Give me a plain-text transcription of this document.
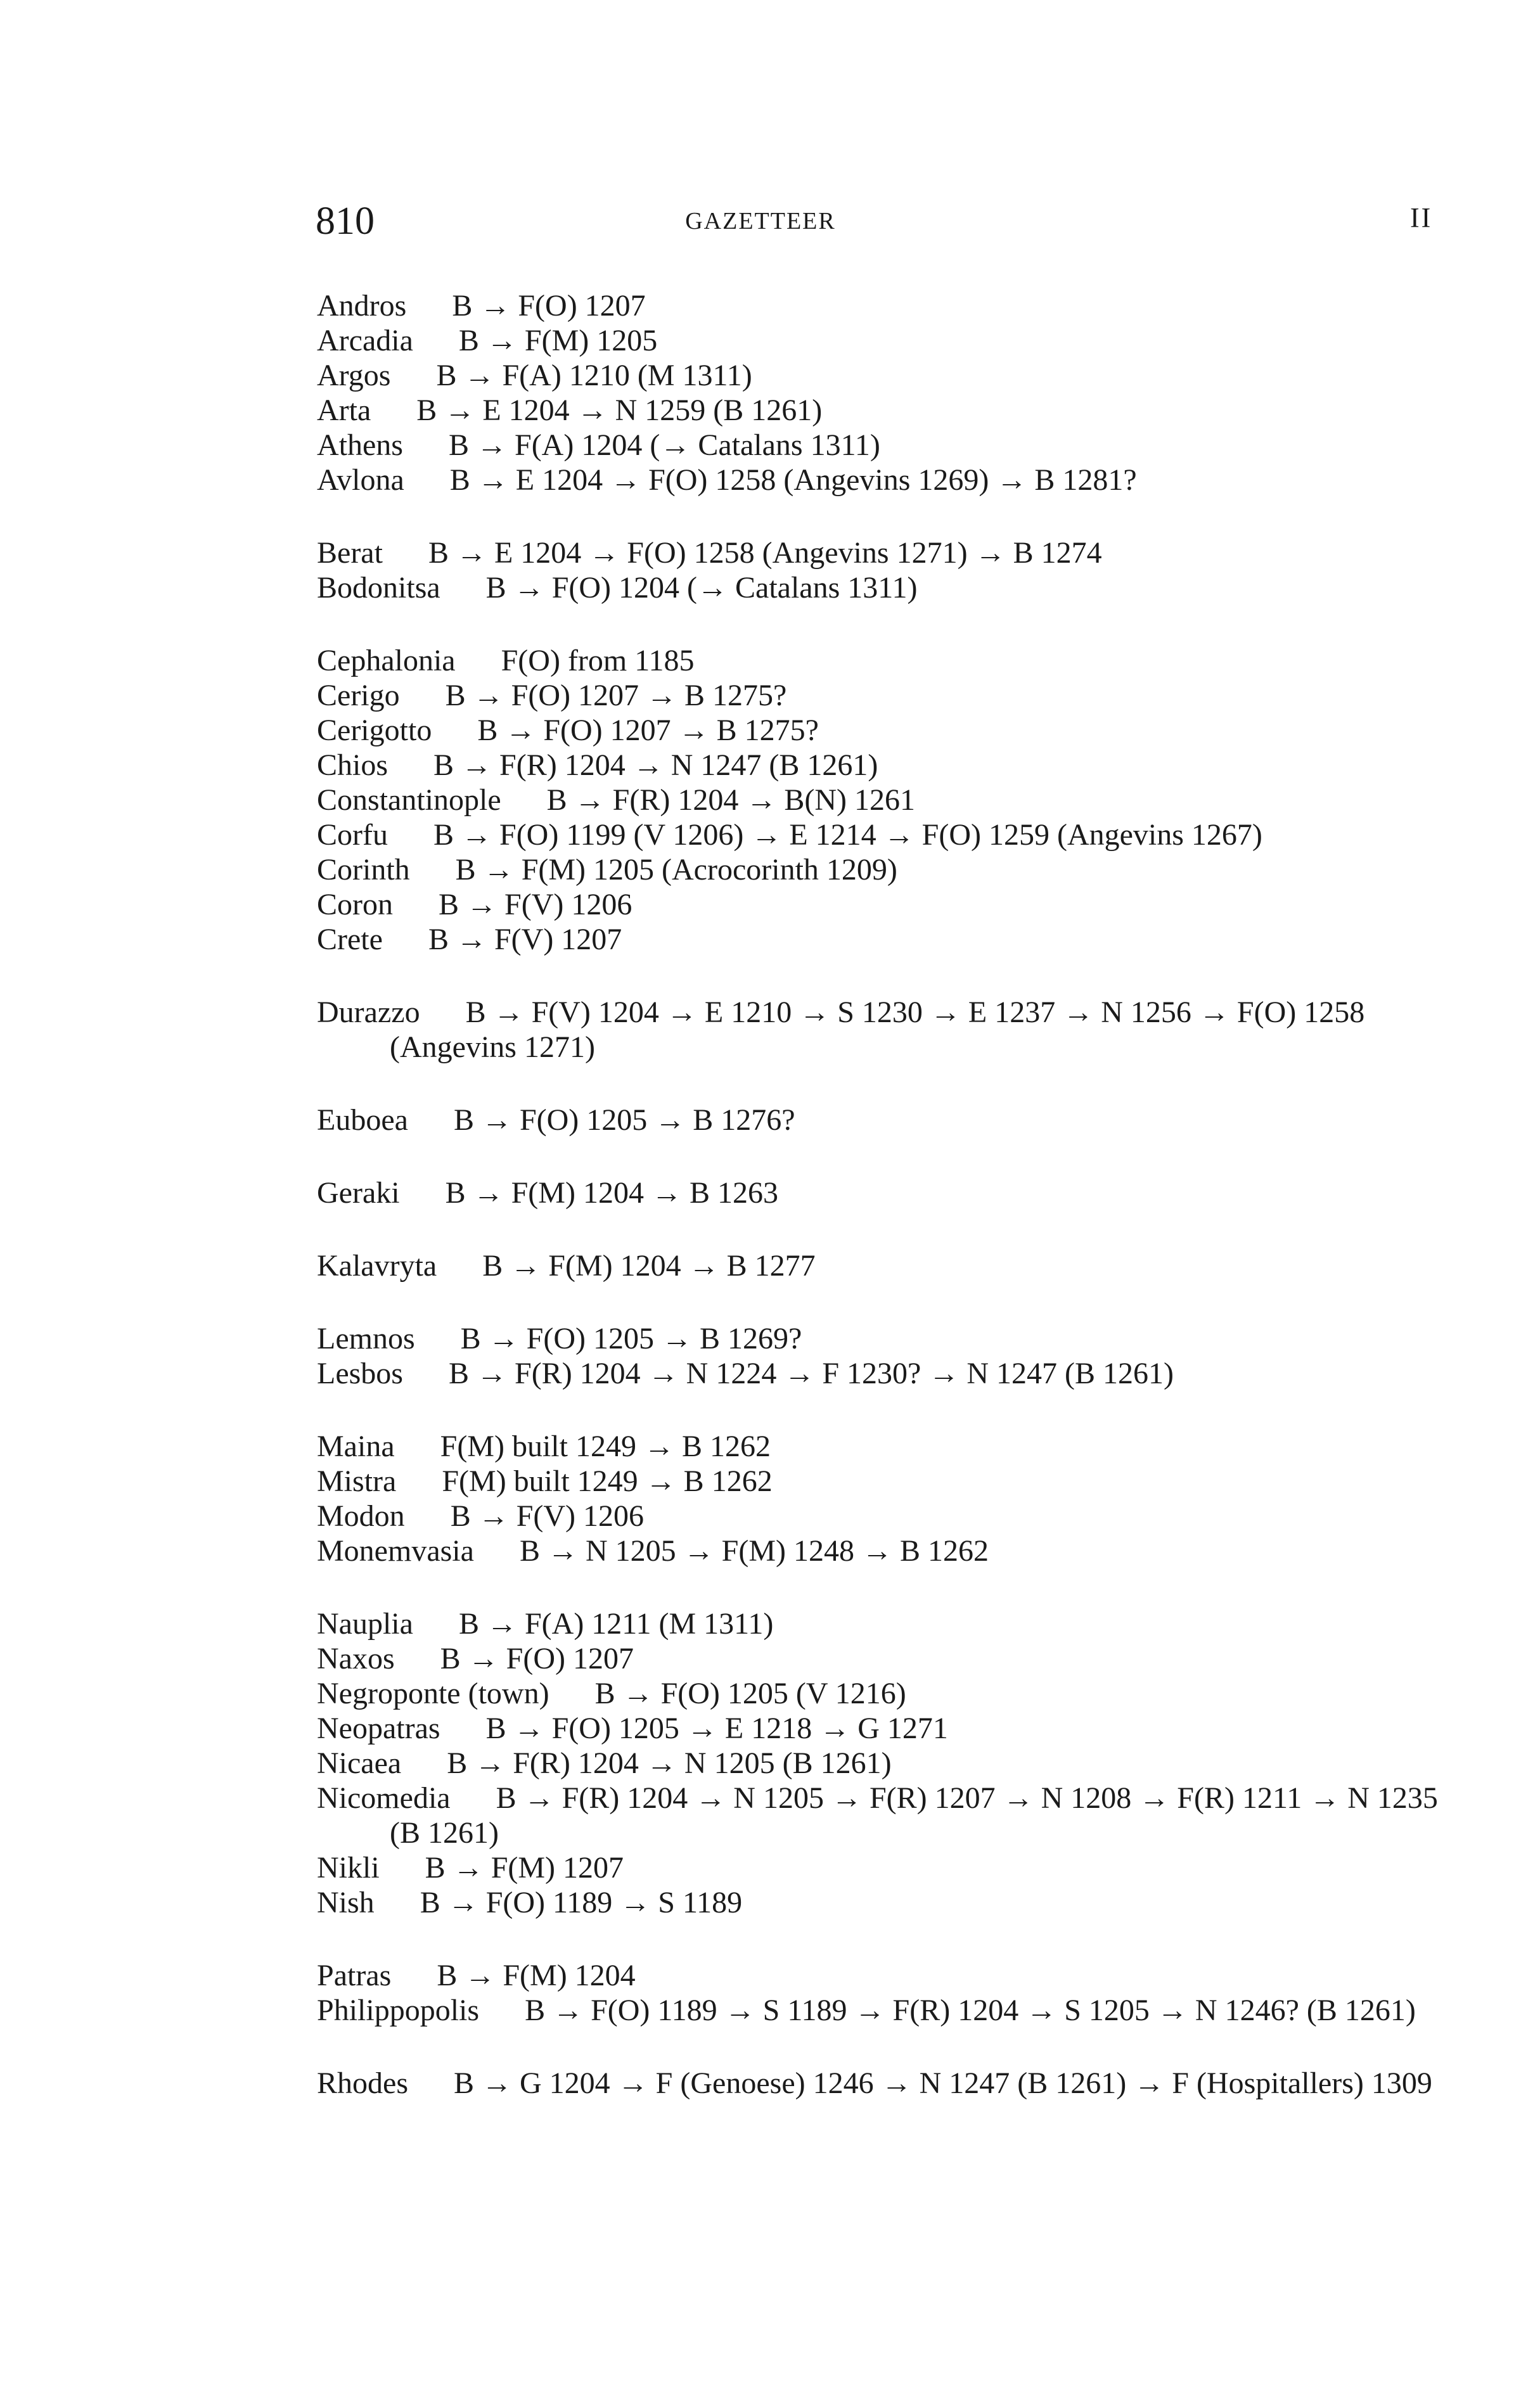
810	GAZETTEER	II

Andros   B → F(O) 1207

Arcadia   B → F(M) 1205

Argos   B → F(A) 1210 (M 1311)

Arta   B → E 1204 → N 1259 (B 1261)

Athens   B → F(A) 1204 (→ Catalans 1311)

Avlona   B → E 1204 → F(O) 1258 (Angevins 1269) → B 1281?

Berat   B → E 1204 → F(O) 1258 (Angevins 1271) → B 1274

Bodonitsa   B → F(O) 1204 (→ Catalans 1311)

Cephalonia   F(O) from 1185

Cerigo   B → F(O) 1207 → B 1275?

Cerigotto   B → F(O) 1207 → B 1275?

Chios   B → F(R) 1204 → N 1247 (B 1261)

Constantinople   B → F(R) 1204 → B(N) 1261

Corfu   B → F(O) 1199 (V 1206) → E 1214 → F(O) 1259 (Angevins 1267)

Corinth   B → F(M) 1205 (Acrocorinth 1209)

Coron   B → F(V) 1206

Crete   B → F(V) 1207

Durazzo   B → F(V) 1204 → E 1210 → S 1230 → E 1237 → N 1256 → F(O) 1258 (Angevins 1271)

Euboea   B → F(O) 1205 → B 1276?

Geraki   B → F(M) 1204 → B 1263

Kalavryta   B → F(M) 1204 → B 1277

Lemnos   B → F(O) 1205 → B 1269?

Lesbos   B → F(R) 1204 → N 1224 → F 1230? → N 1247 (B 1261)

Maina   F(M) built 1249 → B 1262

Mistra   F(M) built 1249 → B 1262

Modon   B → F(V) 1206

Monemvasia   B → N 1205 → F(M) 1248 → B 1262

Nauplia   B → F(A) 1211 (M 1311)

Naxos   B → F(O) 1207

Negroponte (town)   B → F(O) 1205 (V 1216)

Neopatras   B → F(O) 1205 → E 1218 → G 1271

Nicaea   B → F(R) 1204 → N 1205 (B 1261)

Nicomedia   B → F(R) 1204 → N 1205 → F(R) 1207 → N 1208 → F(R) 1211 → N 1235 (B 1261)

Nikli   B → F(M) 1207

Nish   B → F(O) 1189 → S 1189

Patras   B → F(M) 1204

Philippopolis   B → F(O) 1189 → S 1189 → F(R) 1204 → S 1205 → N 1246? (B 1261)

Rhodes   B → G 1204 → F (Genoese) 1246 → N 1247 (B 1261) → F (Hospitallers) 1309
